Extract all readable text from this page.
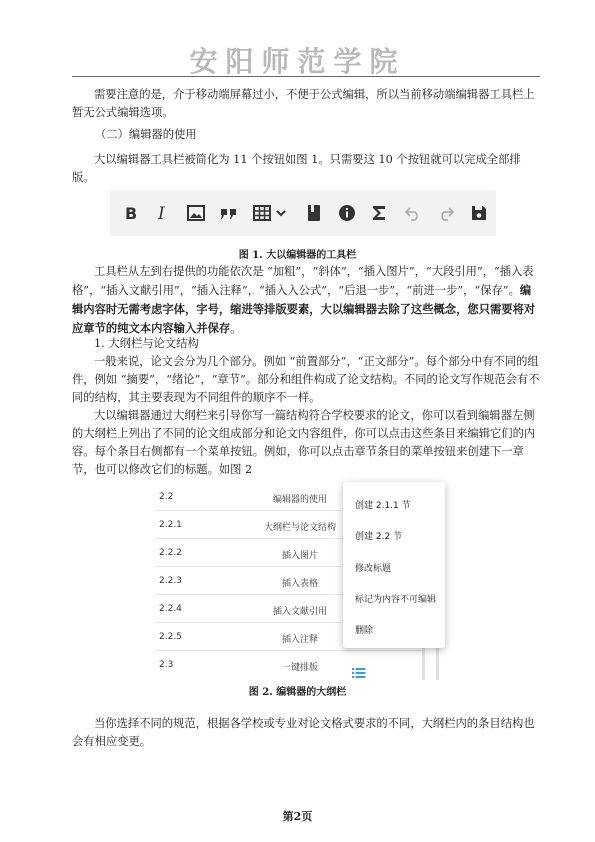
安阳师范学院

需要注意的是，介于移动端屏幕过小，不便于公式编辑，所以当前移动端编辑器工具栏上暂无公式编辑选项。

（二）编辑器的使用

大以编辑器工具栏被简化为 11 个按钮如图 1。只需要这 10 个按钮就可以完成全部排版。

B I
图 1. 大以编辑器的工具栏

工具栏从左到右提供的功能依次是 “加粗”，“斜体”，“插入图片”，“大段引用”，“插入表格”，“插入文献引用”，“插入注释”，“插入入公式”，“后退一步”，“前进一步”，“保存”。编辑内容时无需考虑字体，字号，缩进等排版要素，大以编辑器去除了这些概念，您只需要将对应章节的纯文本内容输入并保存。

1. 大纲栏与论文结构

一般来说，论文会分为几个部分。例如 “前置部分”，“正文部分”。每个部分中有不同的组件，例如 “摘要”，“绪论”，“章节”。部分和组件构成了论文结构。不同的论文写作规范会有不同的结构，其主要表现为不同组件的顺序不一样。

大以编辑器通过大纲栏来引导你写一篇结构符合学校要求的论文，你可以看到编辑器左侧的大纲栏上列出了不同的论文组成部分和论文内容组件，你可以点击这些条目来编辑它们的内容。每个条目右侧都有一个菜单按钮。例如，你可以点击章节条目的菜单按钮来创建下一章节，也可以修改它们的标题。如图 2

2.2	编辑器的使用
2.2.1	大纲栏与论文结构
2.2.2	插入图片
2.2.3	插入表格
2.2.4	插入文献引用
2.2.5	插入注释
2.3	一键排版
创建 2.1.1 节
创建 2.2 节
修改标题
标记为内容不可编辑
删除
图 2. 编辑器的大纲栏

当你选择不同的规范，根据各学校或专业对论文格式要求的不同，大纲栏内的条目结构也会有相应变更。

第2页
